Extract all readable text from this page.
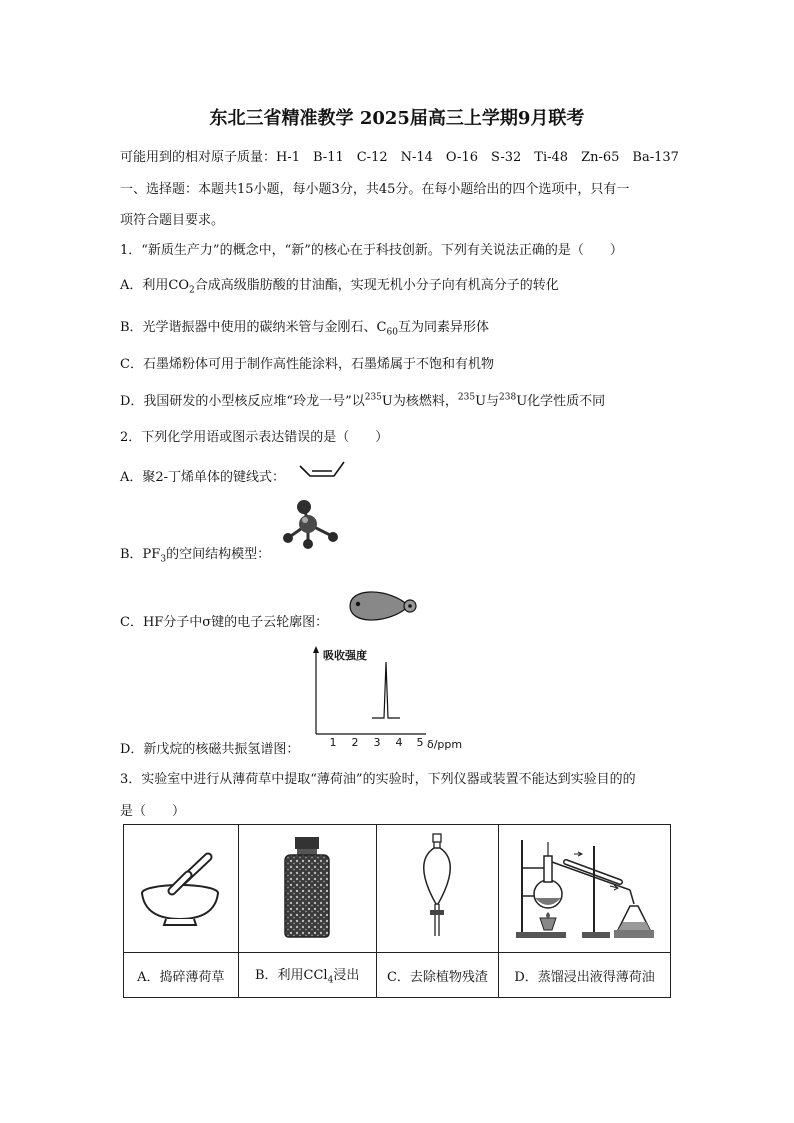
东北三省精准教学 2025届高三上学期9月联考
可能用到的相对原子质量：H-1　B-11　C-12　N-14　O-16　S-32　Ti-48　Zn-65　Ba-137
一、选择题：本题共15小题，每小题3分，共45分。在每小题给出的四个选项中，只有一
项符合题目要求。
1．“新质生产力”的概念中，“新”的核心在于科技创新。下列有关说法正确的是（　　）
A．利用$CO_2$合成高级脂肪酸的甘油酯，实现无机小分子向有机高分子的转化
B．光学谐振器中使用的碳纳米管与金刚石、$C_{60}$互为同素异形体
C．石墨烯粉体可用于制作高性能涂料，石墨烯属于不饱和有机物
D．我国研发的小型核反应堆“玲龙一号”以$^{235}$U为核燃料，$^{235}$U与$^{238}$U化学性质不同
2．下列化学用语或图示表达错误的是（　　）
A．聚2-丁烯单体的键线式：
B．$PF_3$的空间结构模型：
C．HF分子中σ键的电子云轮廓图：
D．新戊烷的核磁共振氢谱图：
吸收强度
1 2 3 4 5 δ/ppm
3．实验室中进行从薄荷草中提取“薄荷油”的实验时，下列仪器或装置不能达到实验目的的
是（　　）

A．捣碎薄荷草	B．利用CCl$_4$浸出	C．去除植物残渣	D．蒸馏浸出液得薄荷油
